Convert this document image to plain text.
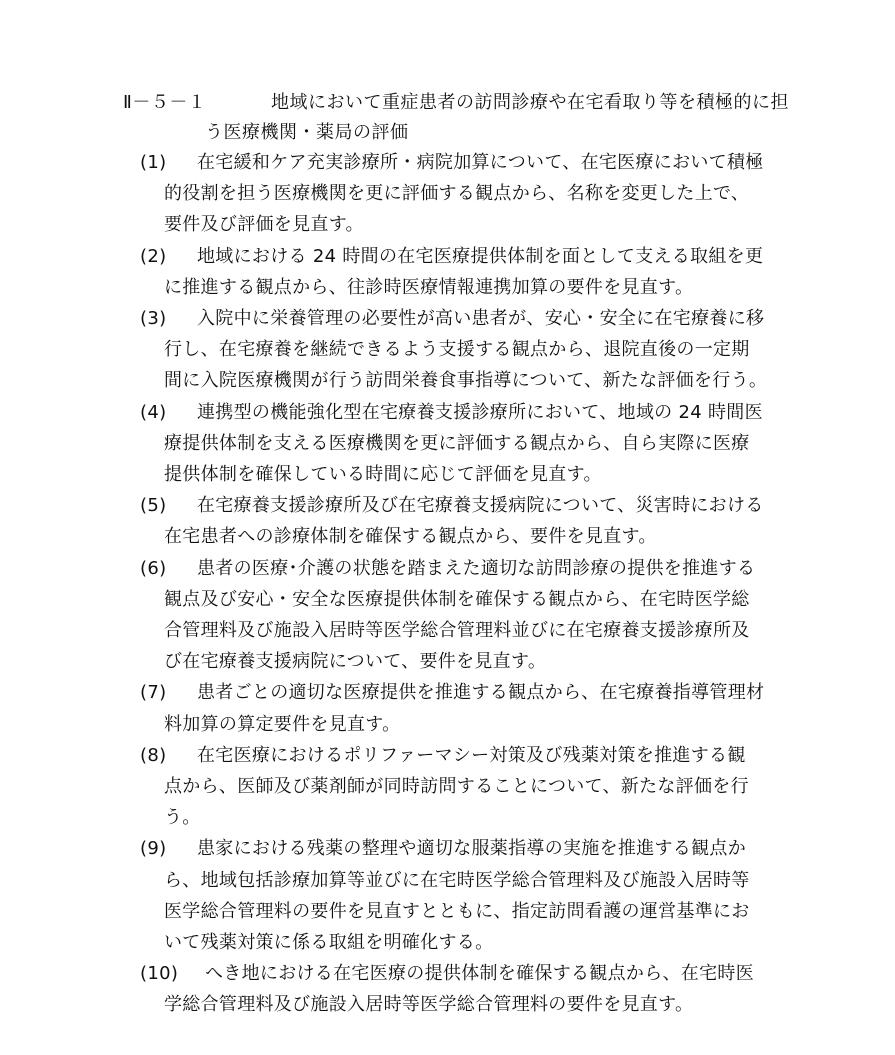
Ⅱ－５－１	地域において重症患者の訪問診療や在宅看取り等を積極的に担
う医療機関・薬局の評価
(1)	在宅緩和ケア充実診療所・病院加算について、在宅医療において積極
的役割を担う医療機関を更に評価する観点から、名称を変更した上で、
要件及び評価を見直す。
(2)	地域における 24 時間の在宅医療提供体制を面として支える取組を更
に推進する観点から、往診時医療情報連携加算の要件を見直す。
(3)	入院中に栄養管理の必要性が高い患者が、安心・安全に在宅療養に移
行し、在宅療養を継続できるよう支援する観点から、退院直後の一定期
間に入院医療機関が行う訪問栄養食事指導について、新たな評価を行う。
(4)	連携型の機能強化型在宅療養支援診療所において、地域の 24 時間医
療提供体制を支える医療機関を更に評価する観点から、自ら実際に医療
提供体制を確保している時間に応じて評価を見直す。
(5)	在宅療養支援診療所及び在宅療養支援病院について、災害時における
在宅患者への診療体制を確保する観点から、要件を見直す。
(6)	患者の医療･介護の状態を踏まえた適切な訪問診療の提供を推進する
観点及び安心・安全な医療提供体制を確保する観点から、在宅時医学総
合管理料及び施設入居時等医学総合管理料並びに在宅療養支援診療所及
び在宅療養支援病院について、要件を見直す。
(7)	患者ごとの適切な医療提供を推進する観点から、在宅療養指導管理材
料加算の算定要件を見直す。
(8)	在宅医療におけるポリファーマシー対策及び残薬対策を推進する観
点から、医師及び薬剤師が同時訪問することについて、新たな評価を行
う。
(9)	患家における残薬の整理や適切な服薬指導の実施を推進する観点か
ら、地域包括診療加算等並びに在宅時医学総合管理料及び施設入居時等
医学総合管理料の要件を見直すとともに、指定訪問看護の運営基準にお
いて残薬対策に係る取組を明確化する。
(10)	へき地における在宅医療の提供体制を確保する観点から、在宅時医
学総合管理料及び施設入居時等医学総合管理料の要件を見直す。
